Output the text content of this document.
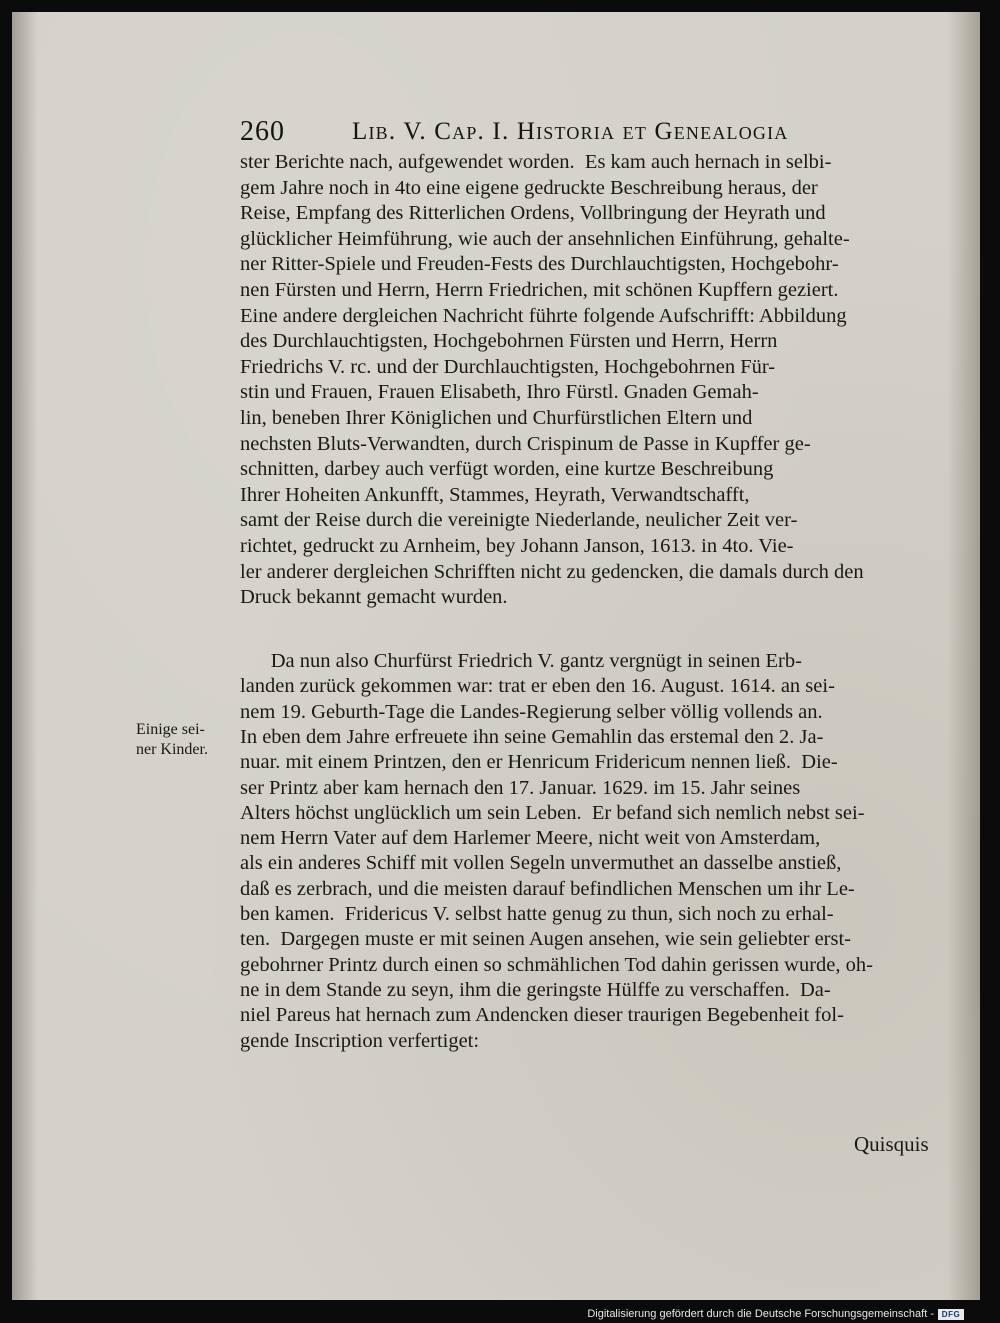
260	Lib. V. Cap. I. Historia et Genealogia
ster Berichte nach, aufgewendet worden.  Es kam auch hernach in selbi-
gem Jahre noch in 4to eine eigene gedruckte Beschreibung heraus, der
Reise, Empfang des Ritterlichen Ordens, Vollbringung der Heyrath und
glücklicher Heimführung, wie auch der ansehnlichen Einführung, gehalte-
ner Ritter-Spiele und Freuden-Fests des Durchlauchtigsten, Hochgebohr-
nen Fürsten und Herrn, Herrn Friedrichen, mit schönen Kupffern geziert.
Eine andere dergleichen Nachricht führte folgende Aufschrifft: Abbildung
des Durchlauchtigsten, Hochgebohrnen Fürsten und Herrn, Herrn
Friedrichs V. rc. und der Durchlauchtigsten, Hochgebohrnen Für-
stin und Frauen, Frauen Elisabeth, Ihro Fürstl. Gnaden Gemah-
lin, beneben Ihrer Königlichen und Churfürstlichen Eltern und
nechsten Bluts-Verwandten, durch Crispinum de Passe in Kupffer ge-
schnitten, darbey auch verfügt worden, eine kurtze Beschreibung
Ihrer Hoheiten Ankunfft, Stammes, Heyrath, Verwandtschafft,
samt der Reise durch die vereinigte Niederlande, neulicher Zeit ver-
richtet, gedruckt zu Arnheim, bey Johann Janson, 1613. in 4to. Vie-
ler anderer dergleichen Schrifften nicht zu gedencken, die damals durch den
Druck bekannt gemacht wurden.
Da nun also Churfürst Friedrich V. gantz vergnügt in seinen Erb-
landen zurück gekommen war: trat er eben den 16. August. 1614. an sei-
nem 19. Geburth-Tage die Landes-Regierung selber völlig vollends an.
In eben dem Jahre erfreuete ihn seine Gemahlin das erstemal den 2. Ja-
nuar. mit einem Printzen, den er Henricum Fridericum nennen ließ.  Die-
ser Printz aber kam hernach den 17. Januar. 1629. im 15. Jahr seines
Alters höchst unglücklich um sein Leben.  Er befand sich nemlich nebst sei-
nem Herrn Vater auf dem Harlemer Meere, nicht weit von Amsterdam,
als ein anderes Schiff mit vollen Segeln unvermuthet an dasselbe anstieß,
daß es zerbrach, und die meisten darauf befindlichen Menschen um ihr Le-
ben kamen.  Fridericus V. selbst hatte genug zu thun, sich noch zu erhal-
ten.  Dargegen muste er mit seinen Augen ansehen, wie sein geliebter erst-
gebohrner Printz durch einen so schmählichen Tod dahin gerissen wurde, oh-
ne in dem Stande zu seyn, ihm die geringste Hülffe zu verschaffen.  Da-
niel Pareus hat hernach zum Andencken dieser traurigen Begebenheit fol-
gende Inscription verfertiget:
Einige sei-
ner Kinder.
Quisquis
Digitalisierung gefördert durch die Deutsche Forschungsgemeinschaft - DFG
